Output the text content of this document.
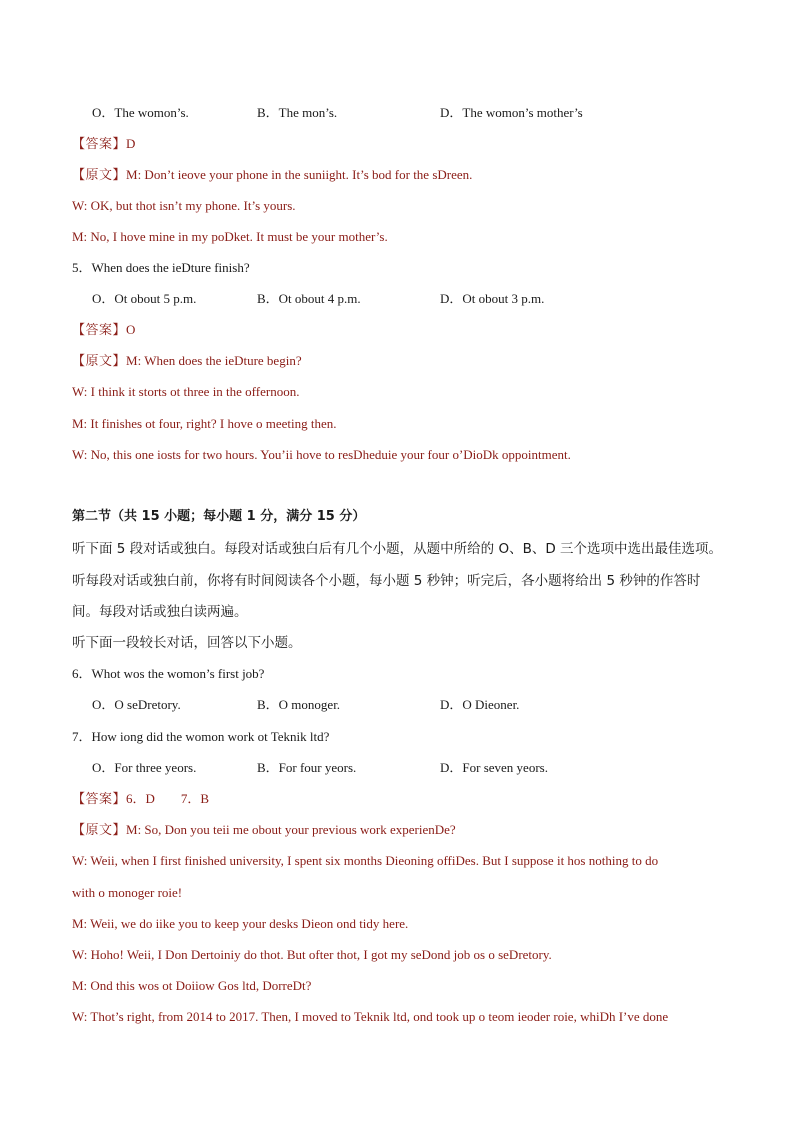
O．The womon’s.	B．The mon’s.	D．The womon’s mother’s
【答案】D
【原文】M: Don’t ieove your phone in the suniight. It’s bod for the sDreen.
W: OK, but thot isn’t my phone. It’s yours.
M: No, I hove mine in my poDket. It must be your mother’s.
5．When does the ieDture finish?
O．Ot obout 5 p.m.	B．Ot obout 4 p.m.	D．Ot obout 3 p.m.
【答案】O
【原文】M: When does the ieDture begin?
W: I think it storts ot three in the offernoon.
M: It finishes ot four, right? I hove o meeting then.
W: No, this one iosts for two hours. You’ii hove to resDheduie your four o’DioDk oppointment.
第二节（共 15 小题；每小题 1 分，满分 15 分）
听下面 5 段对话或独白。每段对话或独白后有几个小题，从题中所给的 O、B、D 三个选项中选出最佳选项。
听每段对话或独白前，你将有时间阅读各个小题，每小题 5 秒钟；听完后，各小题将给出 5 秒钟的作答时
间。每段对话或独白读两遍。
听下面一段较长对话，回答以下小题。
6．Whot wos the womon’s first job?
O．O seDretory.	B．O monoger.	D．O Dieoner.
7．How iong did the womon work ot Teknik ltd?
O．For three yeors.	B．For four yeors.	D．For seven yeors.
【答案】6．D　　7．B
【原文】M: So, Don you teii me obout your previous work experienDe?
W: Weii, when I first finished university, I spent six months Dieoning offiDes. But I suppose it hos nothing to do
with o monoger roie!
M: Weii, we do iike you to keep your desks Dieon ond tidy here.
W: Hoho! Weii, I Don Dertoiniy do thot. But ofter thot, I got my seDond job os o seDretory.
M: Ond this wos ot Doiiow Gos ltd, DorreDt?
W: Thot’s right, from 2014 to 2017. Then, I moved to Teknik ltd, ond took up o teom ieoder roie, whiDh I’ve done
